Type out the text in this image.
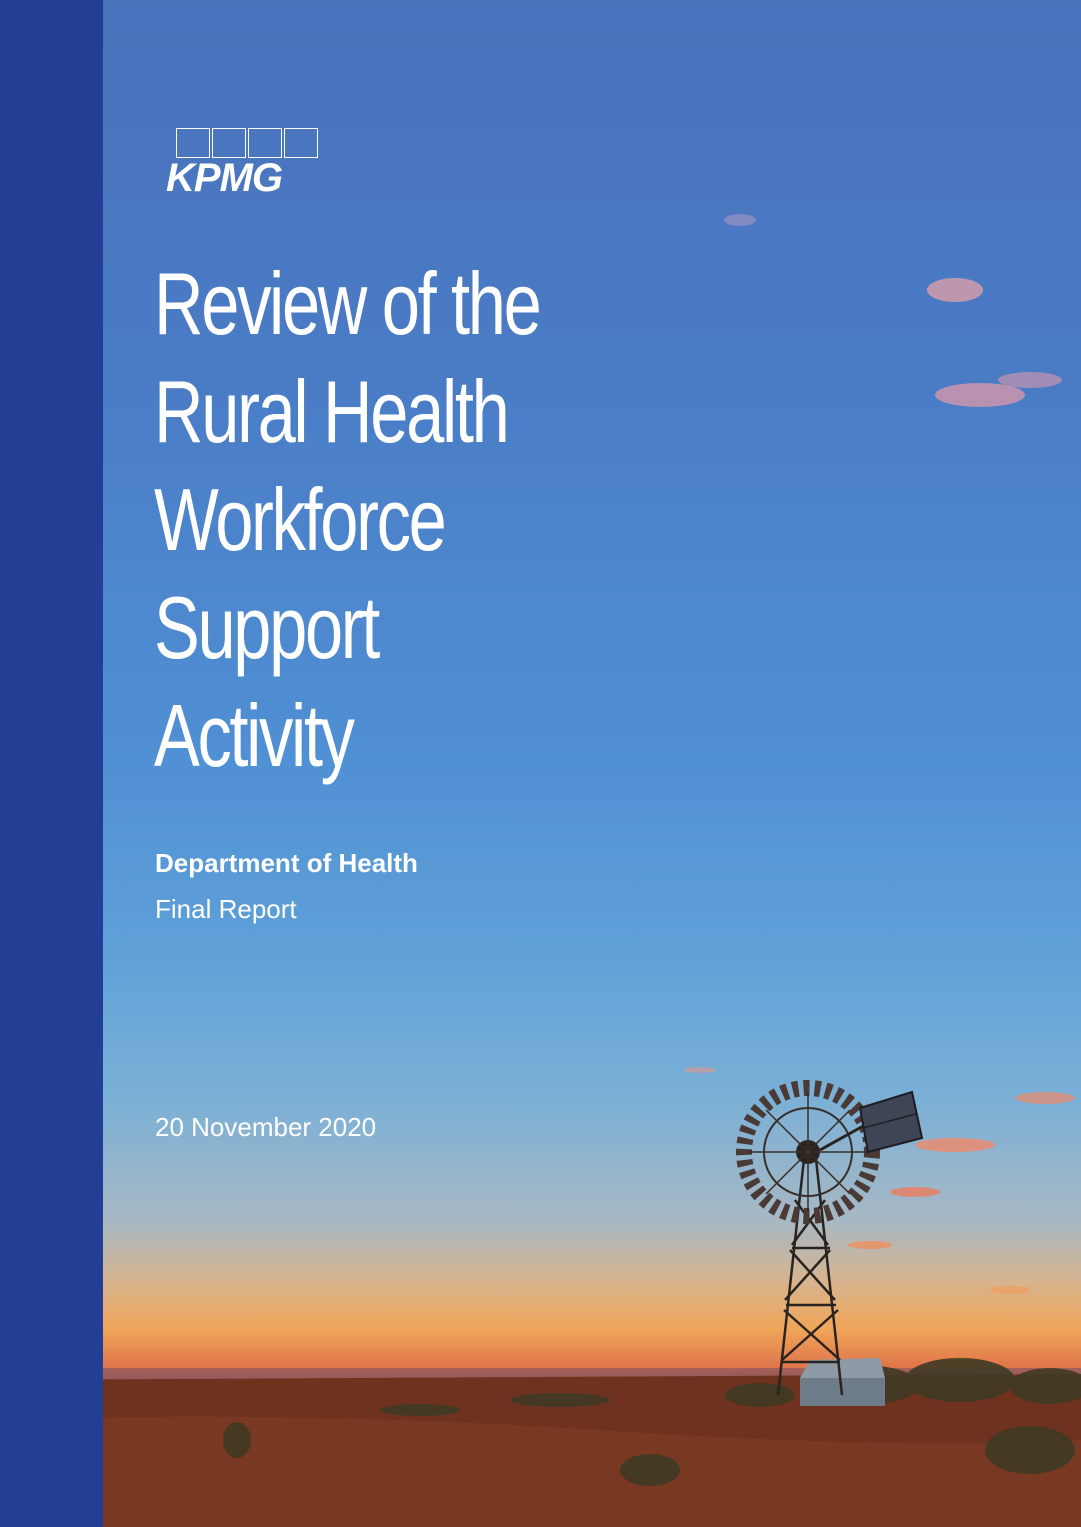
KPMG
Review of the
Rural Health
Workforce
Support
Activity
Department of Health
Final Report
20 November 2020
